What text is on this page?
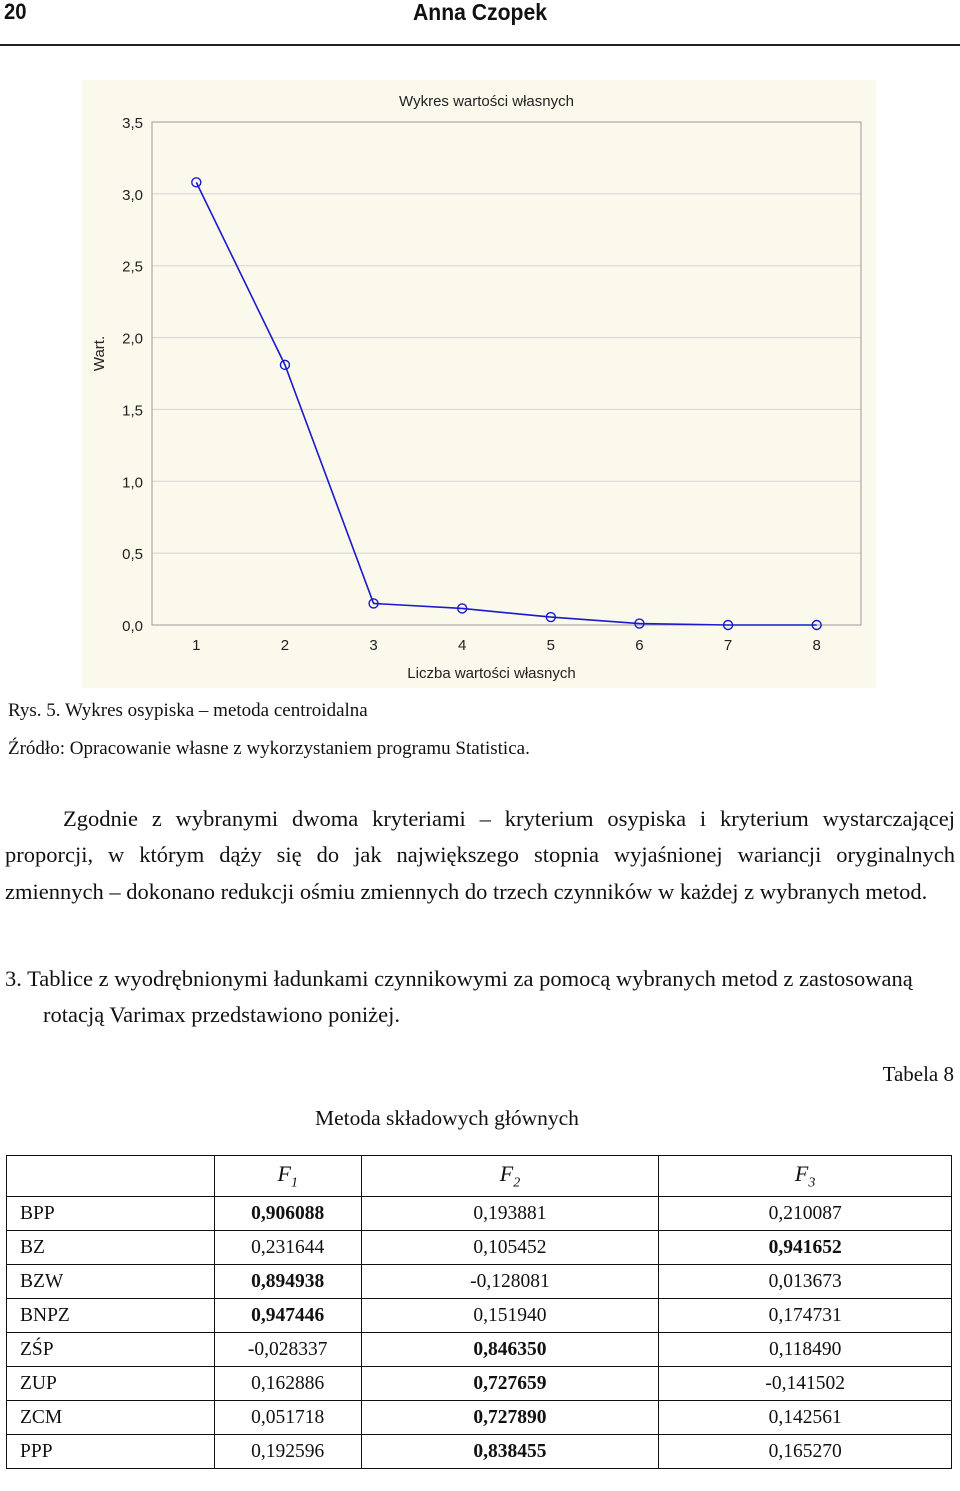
20	Anna Czopek
3,5
3,0
2,5
2,0
1,5
1,0
0,5
0,0
1	2	3	4	5	6	7	8
Wykres wartości własnych
Liczba wartości własnych
Wart.
Rys. 5. Wykres osypiska – metoda centroidalna
Źródło: Opracowanie własne z wykorzystaniem programu Statistica.
Zgodnie z wybranymi dwoma kryteriami – kryterium osypiska i kryterium wystarczającej proporcji, w którym dąży się do jak największego stopnia wyjaśnionej wariancji oryginalnych zmiennych – dokonano redukcji ośmiu zmiennych do trzech czynników w każdej z wybranych metod.
3. Tablice z wyodrębnionymi ładunkami czynnikowymi za pomocą wybranych metod z zastosowaną rotacją Varimax przedstawiono poniżej.
Tabela 8
Metoda składowych głównych
	$F_1$	$F_2$	$F_3$
BPP	0,906088	0,193881	0,210087
BZ	0,231644	0,105452	0,941652
BZW	0,894938	-0,128081	0,013673
BNPZ	0,947446	0,151940	0,174731
ZŚP	-0,028337	0,846350	0,118490
ZUP	0,162886	0,727659	-0,141502
ZCM	0,051718	0,727890	0,142561
PPP	0,192596	0,838455	0,165270
